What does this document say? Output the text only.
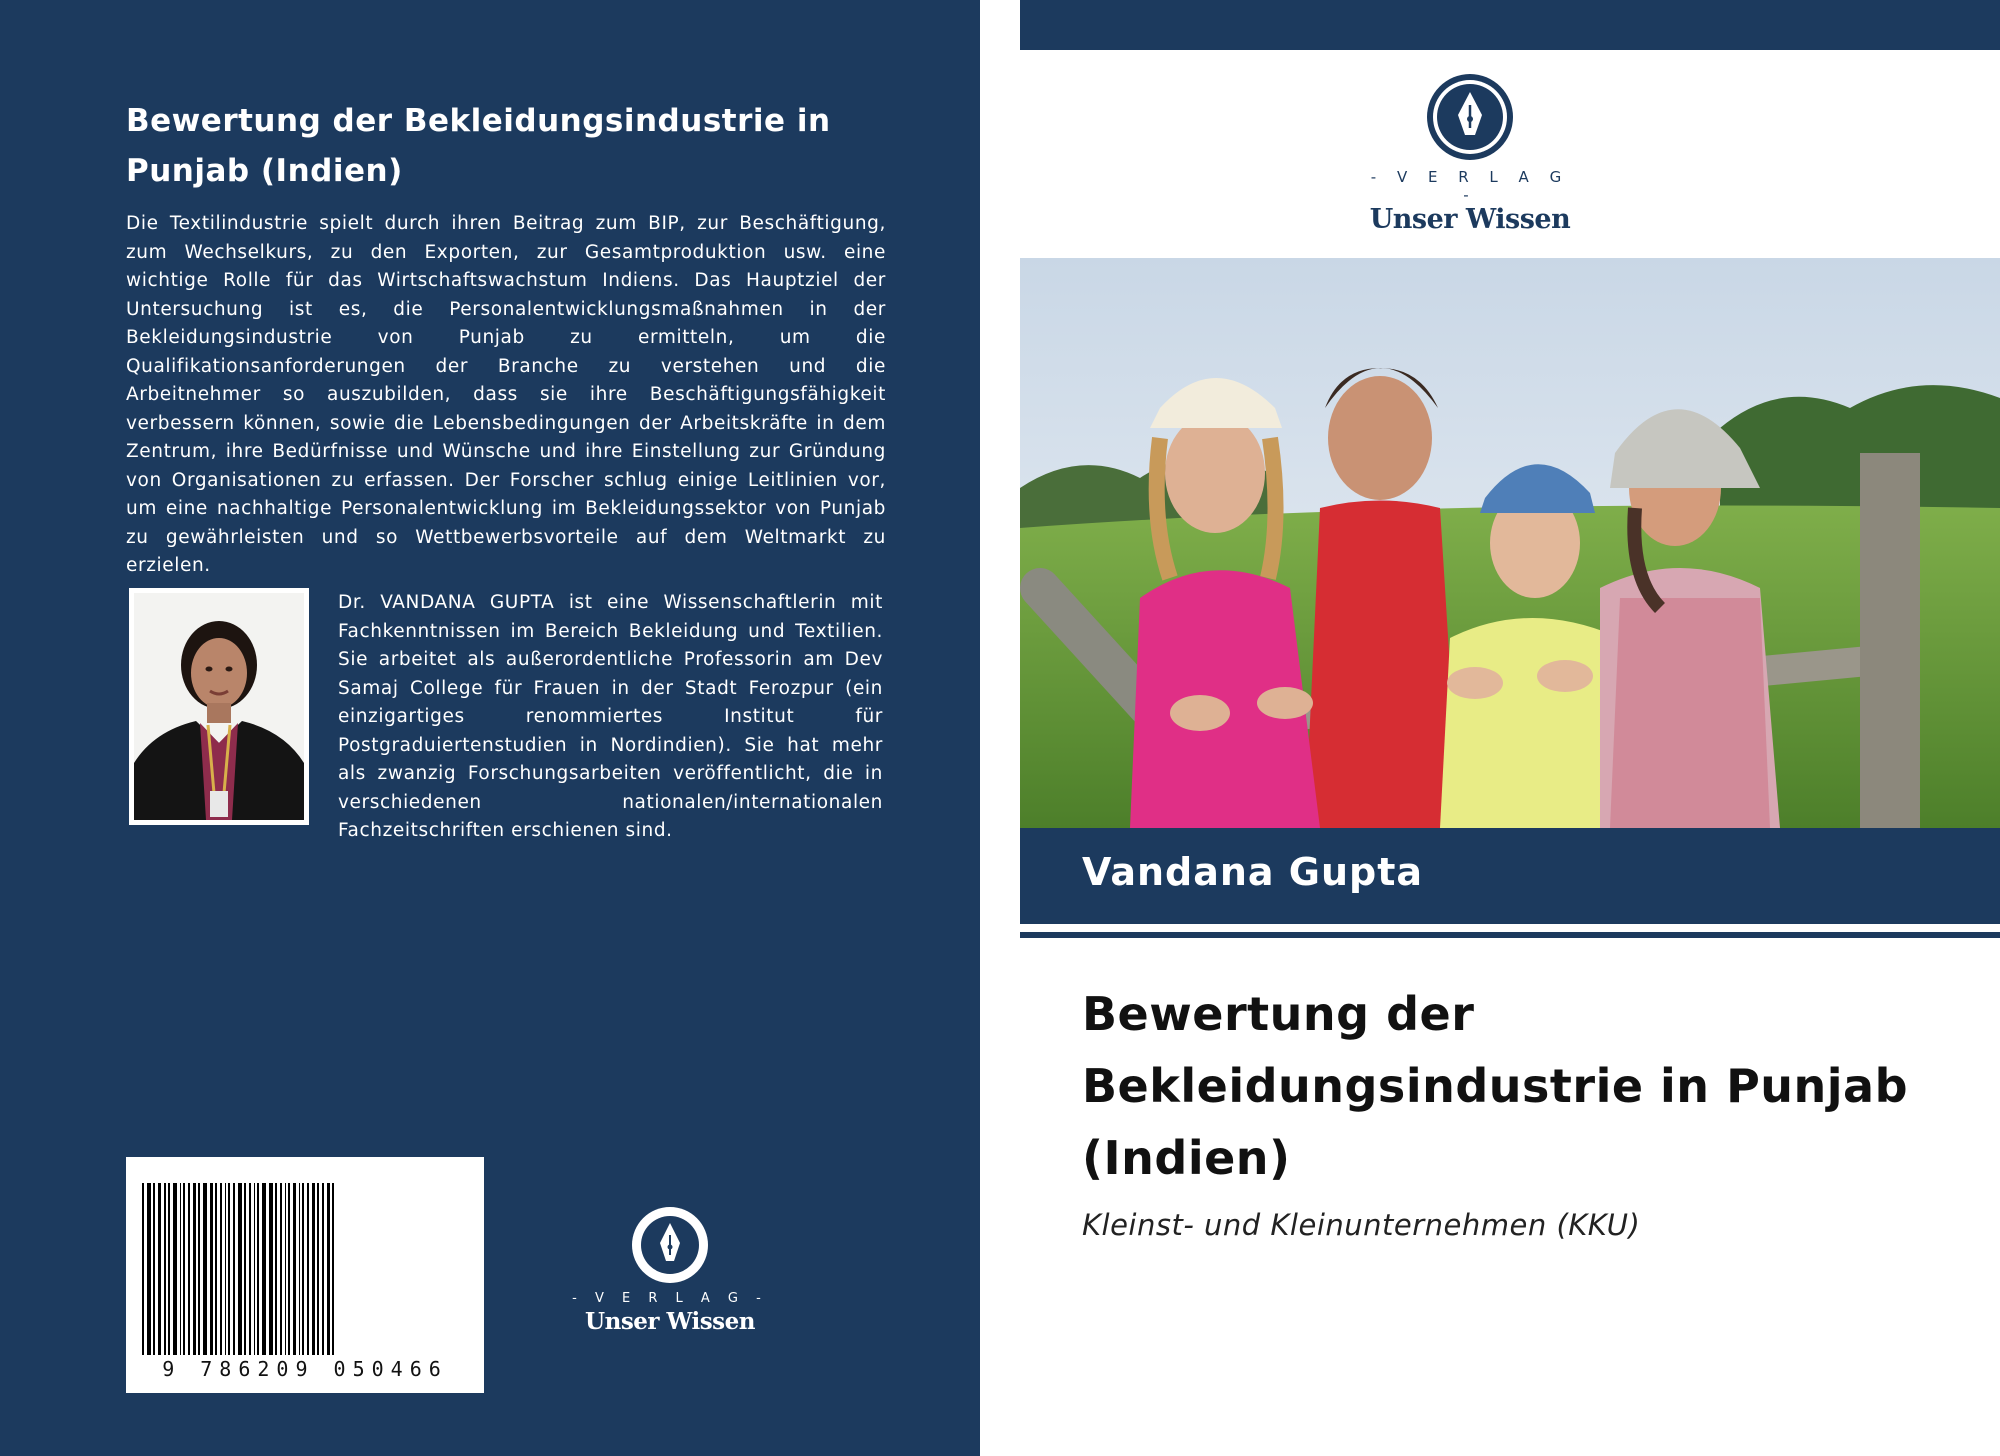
Bewertung der Bekleidungsindustrie in Punjab (Indien)
Die Textilindustrie spielt durch ihren Beitrag zum BIP, zur Beschäftigung, zum Wechselkurs, zu den Exporten, zur Gesamtproduktion usw. eine wichtige Rolle für das Wirtschaftswachstum Indiens. Das Hauptziel der Untersuchung ist es, die Personalentwicklungsmaßnahmen in der Bekleidungsindustrie von Punjab zu ermitteln, um die Qualifikationsanforderungen der Branche zu verstehen und die Arbeitnehmer so auszubilden, dass sie ihre Beschäftigungsfähigkeit verbessern können, sowie die Lebensbedingungen der Arbeitskräfte in dem Zentrum, ihre Bedürfnisse und Wünsche und ihre Einstellung zur Gründung von Organisationen zu erfassen. Der Forscher schlug einige Leitlinien vor, um eine nachhaltige Personalentwicklung im Bekleidungssektor von Punjab zu gewährleisten und so Wettbewerbsvorteile auf dem Weltmarkt zu erzielen.
Dr. VANDANA GUPTA ist eine Wissenschaftlerin mit Fachkenntnissen im Bereich Bekleidung und Textilien. Sie arbeitet als außerordentliche Professorin am Dev Samaj College für Frauen in der Stadt Ferozpur (ein einzigartiges renommiertes Institut für Postgraduiertenstudien in Nordindien). Sie hat mehr als zwanzig Forschungsarbeiten veröffentlicht, die in verschiedenen nationalen/internationalen Fachzeitschriften erschienen sind.
9 786209 050466
- V E R L A G -
Unser Wissen
- V E R L A G -
Unser Wissen
Vandana Gupta
Bewertung der Bekleidungsindustrie in Punjab (Indien)
Kleinst- und Kleinunternehmen (KKU)
